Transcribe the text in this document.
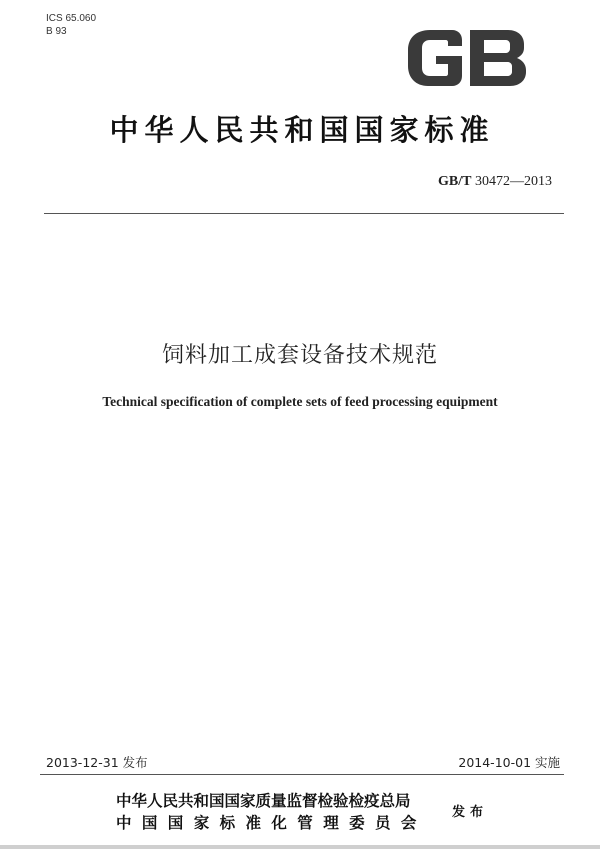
ICS 65.060
B 93
中华人民共和国国家标准
GB/T 30472—2013
饲料加工成套设备技术规范
Technical specification of complete sets of feed processing equipment
2013-12-31 发布	2014-10-01 实施
中华人民共和国国家质量监督检验检疫总局
中国国家标准化管理委员会
发布
